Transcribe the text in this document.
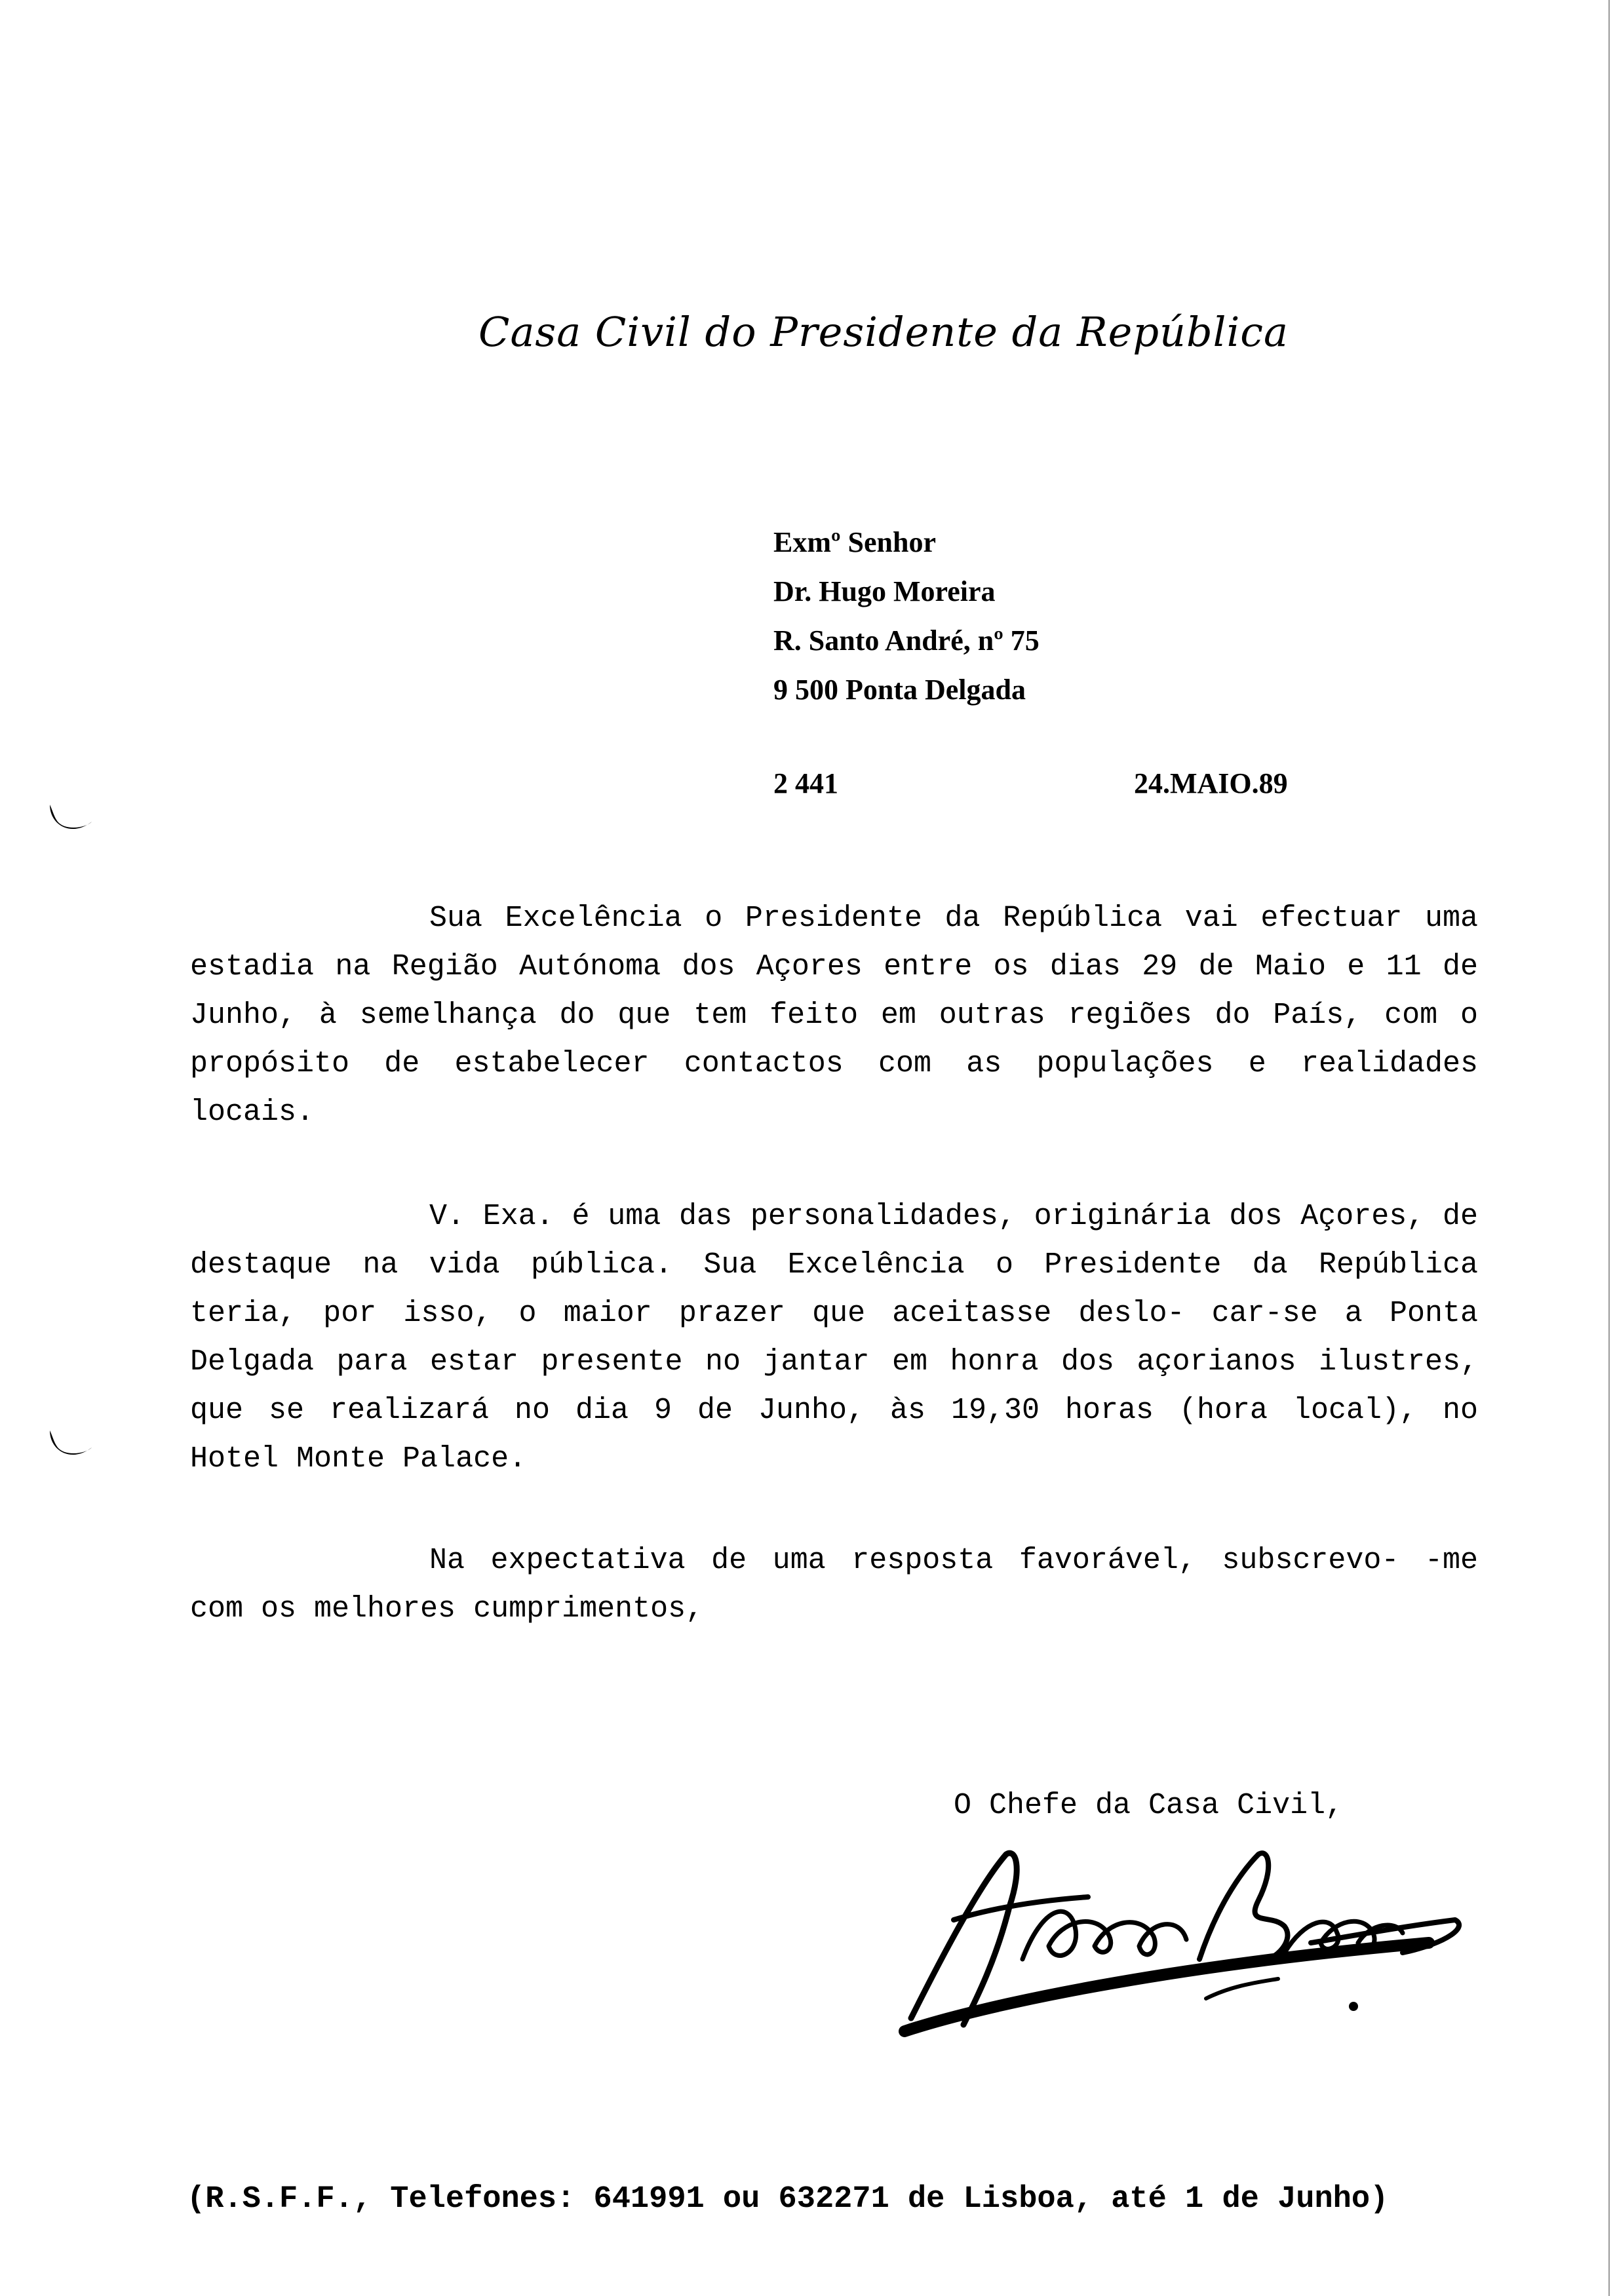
Casa Civil do Presidente da República
Exmº Senhor
Dr. Hugo Moreira
R. Santo André, nº 75
9 500 Ponta Delgada
2 441	24.MAIO.89
Sua Excelência o Presidente da República vai efectuar uma estadia na Região Autónoma dos Açores entre os dias 29 de Maio e 11 de Junho, à semelhança do que tem feito em outras regiões do País, com o propósito de estabelecer contactos com as populações e realidades locais.
V. Exa. é uma das personalidades, originária dos Açores, de destaque na vida pública. Sua Excelência o Presidente da República teria, por isso, o maior prazer que aceitasse deslo- car-se a Ponta Delgada para estar presente no jantar em honra dos açorianos ilustres, que se realizará no dia 9 de Junho, às 19,30 horas (hora local), no Hotel Monte Palace.
Na expectativa de uma resposta favorável, subscrevo- -me com os melhores cumprimentos,
O Chefe da Casa Civil,
(R.S.F.F., Telefones: 641991 ou 632271 de Lisboa, até 1 de Junho)
